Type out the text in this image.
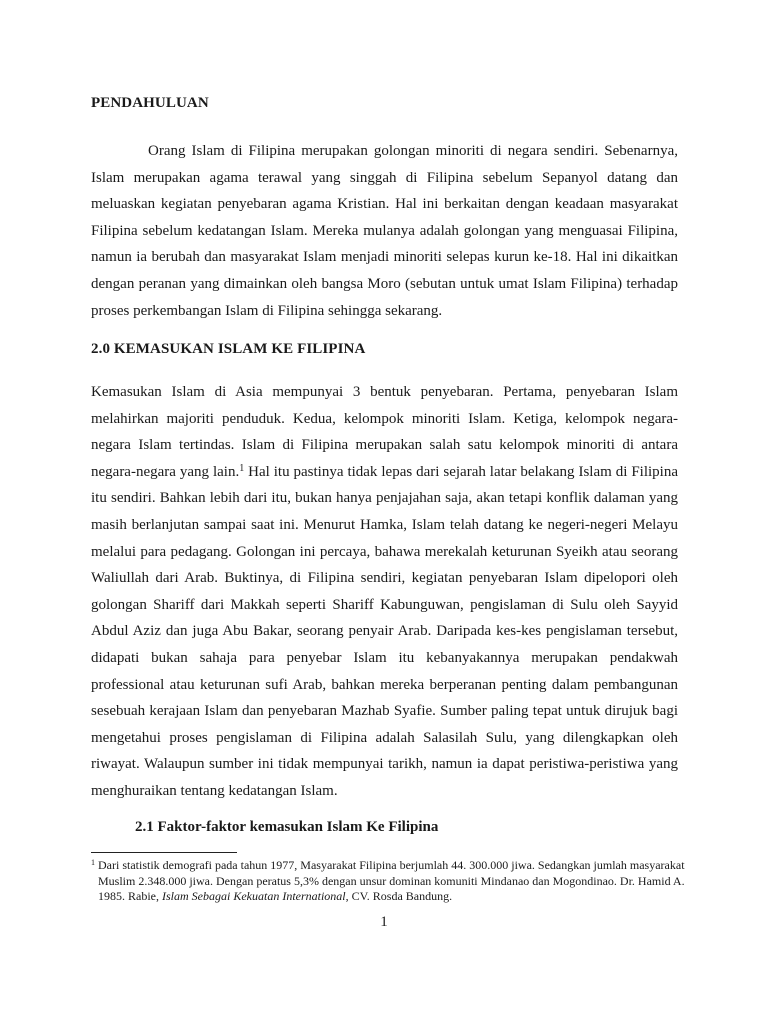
PENDAHULUAN

Orang Islam di Filipina merupakan golongan minoriti di negara sendiri. Sebenarnya, Islam merupakan agama terawal yang singgah di Filipina sebelum Sepanyol datang dan meluaskan kegiatan penyebaran agama Kristian. Hal ini berkaitan dengan keadaan masyarakat Filipina sebelum kedatangan Islam. Mereka mulanya adalah golongan yang menguasai Filipina, namun ia berubah dan masyarakat Islam menjadi minoriti selepas kurun ke-18. Hal ini dikaitkan dengan peranan yang dimainkan oleh bangsa Moro (sebutan untuk umat Islam Filipina) terhadap proses perkembangan Islam di Filipina sehingga sekarang.

2.0 KEMASUKAN ISLAM KE FILIPINA

Kemasukan Islam di Asia mempunyai 3 bentuk penyebaran. Pertama, penyebaran Islam melahirkan majoriti penduduk. Kedua, kelompok minoriti Islam. Ketiga, kelompok negara-negara Islam tertindas. Islam di Filipina merupakan salah satu kelompok minoriti di antara negara-negara yang lain.$^1$ Hal itu pastinya tidak lepas dari sejarah latar belakang Islam di Filipina itu sendiri. Bahkan lebih dari itu, bukan hanya penjajahan saja, akan tetapi konflik dalaman yang masih berlanjutan sampai saat ini. Menurut Hamka, Islam telah datang ke negeri-negeri Melayu melalui para pedagang. Golongan ini percaya, bahawa merekalah keturunan Syeikh atau seorang Waliullah dari Arab. Buktinya, di Filipina sendiri, kegiatan penyebaran Islam dipelopori oleh golongan Shariff dari Makkah seperti Shariff Kabunguwan, pengislaman di Sulu oleh Sayyid Abdul Aziz dan juga Abu Bakar, seorang penyair Arab. Daripada kes-kes pengislaman tersebut, didapati bukan sahaja para penyebar Islam itu kebanyakannya merupakan pendakwah professional atau keturunan sufi Arab, bahkan mereka berperanan penting dalam pembangunan sesebuah kerajaan Islam dan penyebaran Mazhab Syafie. Sumber paling tepat untuk dirujuk bagi mengetahui proses pengislaman di Filipina adalah Salasilah Sulu, yang dilengkapkan oleh riwayat. Walaupun sumber ini tidak mempunyai tarikh, namun ia dapat peristiwa-peristiwa yang menghuraikan tentang kedatangan Islam.

2.1 Faktor-faktor kemasukan Islam Ke Filipina

$^1$ Dari statistik demografi pada tahun 1977, Masyarakat Filipina berjumlah 44. 300.000 jiwa. Sedangkan jumlah masyarakat Muslim 2.348.000 jiwa. Dengan peratus 5,3% dengan unsur dominan komuniti Mindanao dan Mogondinao. Dr. Hamid A. 1985. Rabie, Islam Sebagai Kekuatan International, CV. Rosda Bandung.

1
